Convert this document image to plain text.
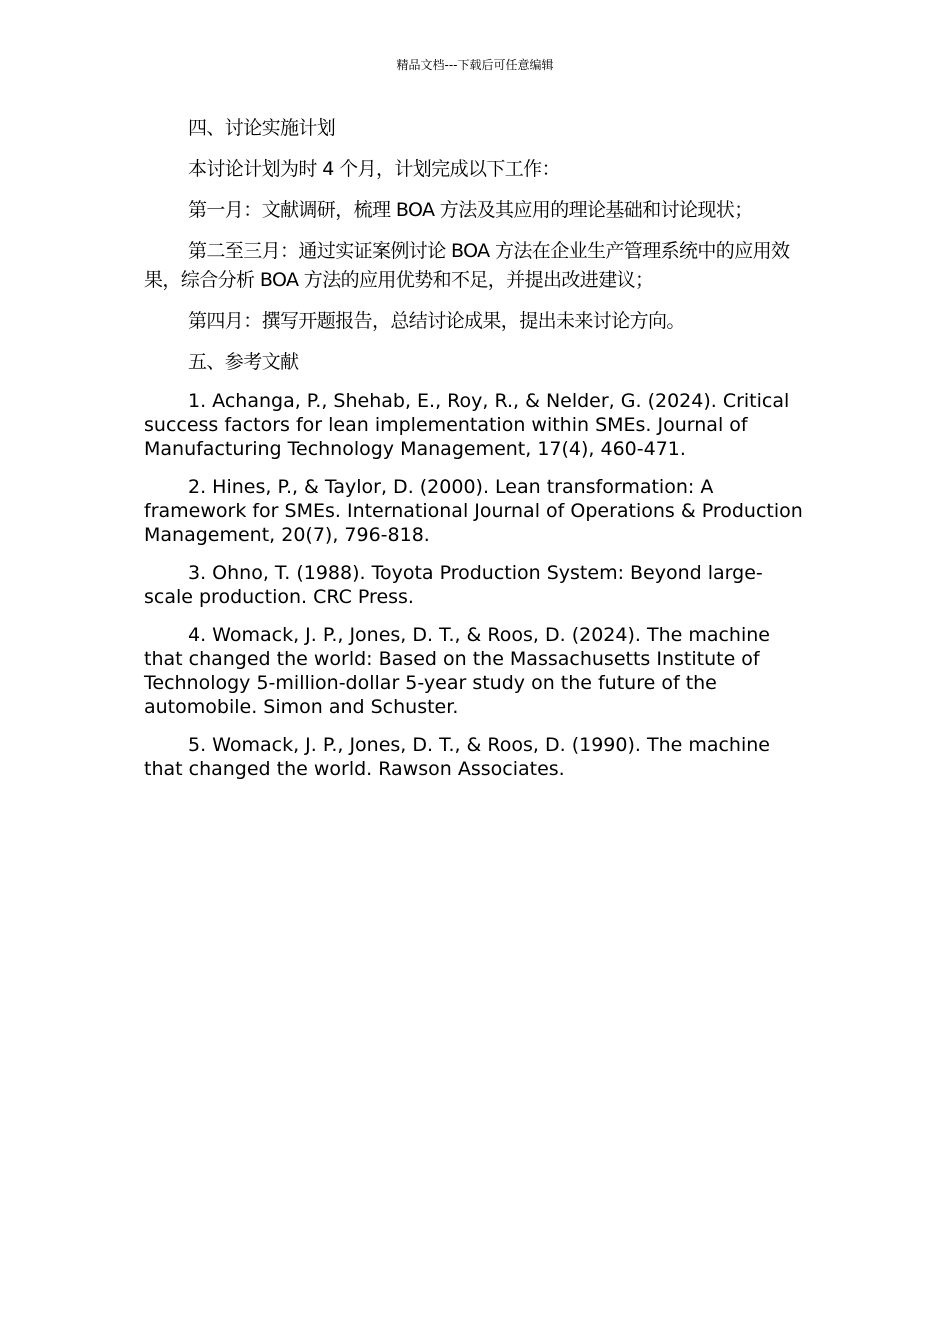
精品文档---下载后可任意编辑

四、讨论实施计划

本讨论计划为时 4 个月，计划完成以下工作：

第一月：文献调研，梳理 BOA 方法及其应用的理论基础和讨论现状；

第二至三月：通过实证案例讨论 BOA 方法在企业生产管理系统中的应用效果，综合分析 BOA 方法的应用优势和不足，并提出改进建议；

第四月：撰写开题报告，总结讨论成果，提出未来讨论方向。

五、参考文献

1. Achanga, P., Shehab, E., Roy, R., & Nelder, G. (2024). Critical success factors for lean implementation within SMEs. Journal of Manufacturing Technology Management, 17(4), 460-471.

2. Hines, P., & Taylor, D. (2000). Lean transformation: A framework for SMEs. International Journal of Operations & Production Management, 20(7), 796-818.

3. Ohno, T. (1988). Toyota Production System: Beyond large-scale production. CRC Press.

4. Womack, J. P., Jones, D. T., & Roos, D. (2024). The machine that changed the world: Based on the Massachusetts Institute of Technology 5-million-dollar 5-year study on the future of the automobile. Simon and Schuster.

5. Womack, J. P., Jones, D. T., & Roos, D. (1990). The machine that changed the world. Rawson Associates.
